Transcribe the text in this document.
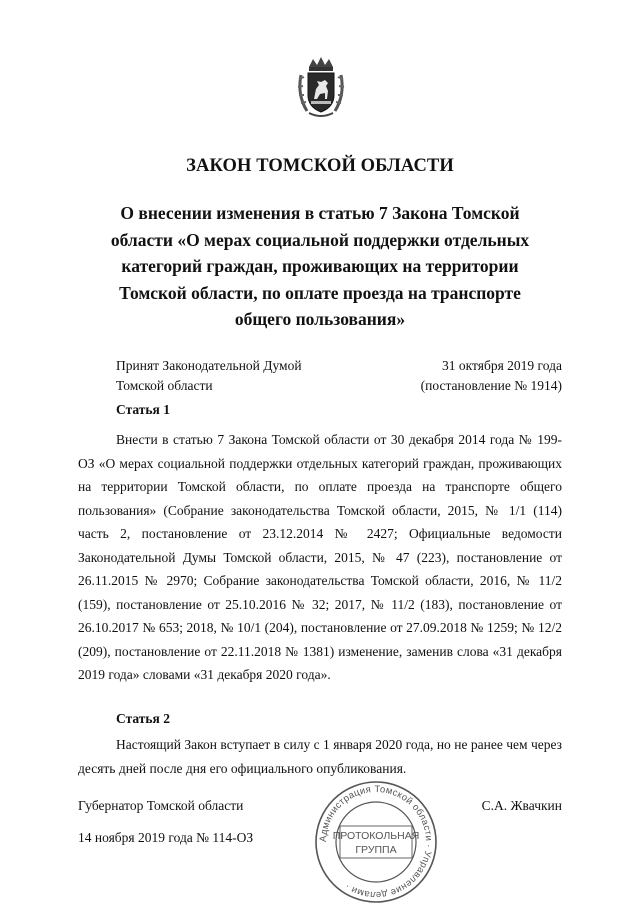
ЗАКОН ТОМСКОЙ ОБЛАСТИ
О внесении изменения в статью 7 Закона Томской области «О мерах социальной поддержки отдельных категорий граждан, проживающих на территории Томской области, по оплате проезда на транспорте общего пользования»
Принят Законодательной Думой
Томской области
31 октября 2019 года
(постановление № 1914)
Статья 1

Внести в статью 7 Закона Томской области от 30 декабря 2014 года № 199-ОЗ «О мерах социальной поддержки отдельных категорий граждан, проживающих на территории Томской области, по оплате проезда на транспорте общего пользования» (Собрание законодательства Томской области, 2015, № 1/1 (114) часть 2, постановление от 23.12.2014 № 2427; Официальные ведомости Законодательной Думы Томской области, 2015, № 47 (223), постановление от 26.11.2015 № 2970; Собрание законодательства Томской области, 2016, № 11/2 (159), постановление от 25.10.2016 № 32; 2017, № 11/2 (183), постановление от 26.10.2017 № 653; 2018, № 10/1 (204), постановление от 27.09.2018 № 1259; № 12/2 (209), постановление от 22.11.2018 № 1381) изменение, заменив слова «31 декабря 2019 года» словами «31 декабря 2020 года».

Статья 2

Настоящий Закон вступает в силу с 1 января 2020 года, но не ранее чем через десять дней после дня его официального опубликования.

Губернатор Томской области	С.А. Жвачкин
14 ноября 2019 года № 114-ОЗ	Администрация Томской области · Управление делами ·
ПРОТОКОЛЬНАЯ
ГРУППА
